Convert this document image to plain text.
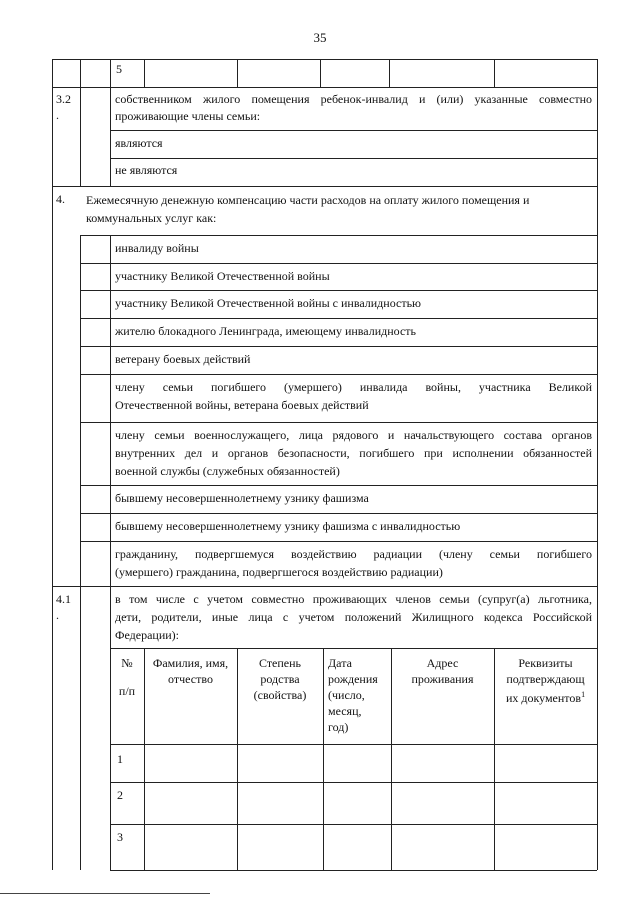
35
5
3.2
.
собственником жилого помещения ребенок-инвалид и (или) указанные совместно
проживающие члены семьи:
являются
не являются
4. Ежемесячную денежную компенсацию части расходов на оплату жилого помещения и
коммунальных услуг как:
инвалиду войны
участнику Великой Отечественной войны
участнику Великой Отечественной войны с инвалидностью
жителю блокадного Ленинграда, имеющему инвалидность
ветерану боевых действий
члену семьи погибшего (умершего) инвалида войны, участника Великой
Отечественной войны, ветерана боевых действий
члену семьи военнослужащего, лица рядового и начальствующего состава органов
внутренних дел и органов безопасности, погибшего при исполнении обязанностей
военной службы (служебных обязанностей)
бывшему несовершеннолетнему узнику фашизма
бывшему несовершеннолетнему узнику фашизма с инвалидностью
гражданину, подвергшемуся воздействию радиации (члену семьи погибшего
(умершего) гражданина, подвергшегося воздействию радиации)
4.1
.
в том числе с учетом совместно проживающих членов семьи (супруг(а) льготника,
дети, родители, иные лица с учетом положений Жилищного кодекса Российской
Федерации):
№
п/п
Фамилия, имя,
отчество
Степень
родства
(свойства)
Дата
рождения
(число,
месяц,
год)
Адрес
проживания
Реквизиты
подтверждающ
их документов$^1$
1
2
3
